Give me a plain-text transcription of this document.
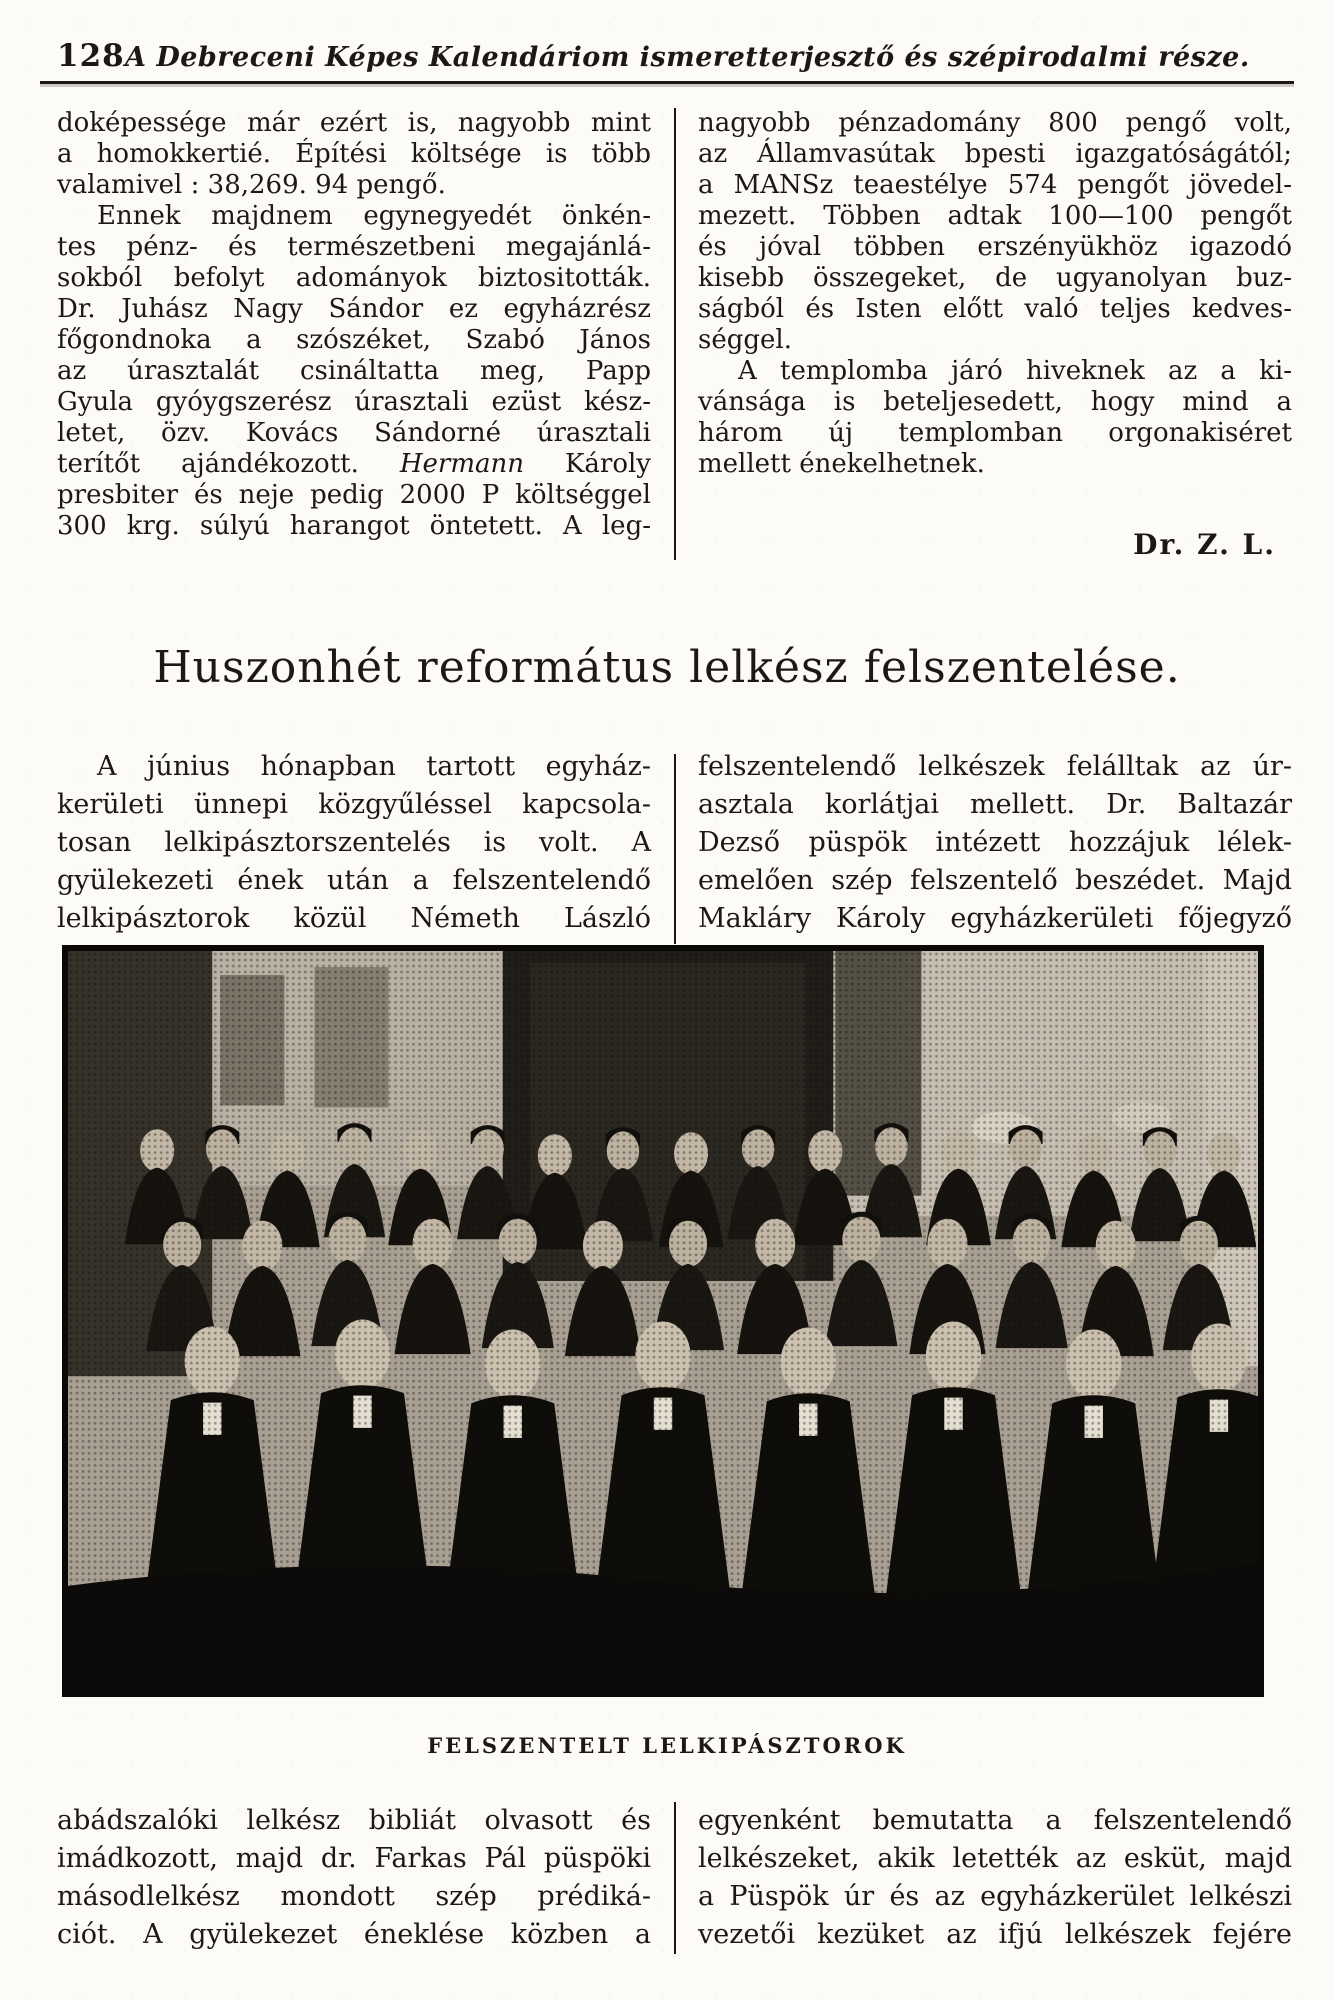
128 A Debreceni Képes Kalendáriom ismeretterjesztő és szépirodalmi része.
doképessége már ezért is, nagyobb mint
a homokkertié. Építési költsége is több
valamivel : 38,269. 94 pengő.
Ennek majdnem egynegyedét önkén-
tes pénz- és természetbeni megajánlá-
sokból befolyt adományok biztositották.
Dr. Juhász Nagy Sándor ez egyházrész
főgondnoka a szószéket, Szabó János
az úrasztalát csináltatta meg, Papp
Gyula gyóygszerész úrasztali ezüst kész-
letet, özv. Kovács Sándorné úrasztali
terítőt ajándékozott. Hermann Károly
presbiter és neje pedig 2000 P költséggel
300 krg. súlyú harangot öntetett. A leg-
nagyobb pénzadomány 800 pengő volt,
az Államvasútak bpesti igazgatóságától;
a MANSz teaestélye 574 pengőt jövedel-
mezett. Többen adtak 100—100 pengőt
és jóval többen erszényükhöz igazodó
kisebb összegeket, de ugyanolyan buz-
ságból és Isten előtt való teljes kedves-
séggel.
A templomba járó hiveknek az a ki-
vánsága is beteljesedett, hogy mind a
három új templomban orgonakiséret
mellett énekelhetnek.
Dr. Z. L.
Huszonhét református lelkész felszentelése.
A június hónapban tartott egyház-
kerületi ünnepi közgyűléssel kapcsola-
tosan lelkipásztorszentelés is volt. A
gyülekezeti ének után a felszentelendő
lelkipásztorok közül Németh László
felszentelendő lelkészek felálltak az úr-
asztala korlátjai mellett. Dr. Baltazár
Dezső püspök intézett hozzájuk lélek-
emelően szép felszentelő beszédet. Majd
Makláry Károly egyházkerületi főjegyző
FELSZENTELT LELKIPÁSZTOROK
abádszalóki lelkész bibliát olvasott és
imádkozott, majd dr. Farkas Pál püspöki
másodlelkész mondott szép prédiká-
ciót. A gyülekezet éneklése közben a
egyenként bemutatta a felszentelendő
lelkészeket, akik letették az esküt, majd
a Püspök úr és az egyházkerület lelkészi
vezetői kezüket az ifjú lelkészek fejére
